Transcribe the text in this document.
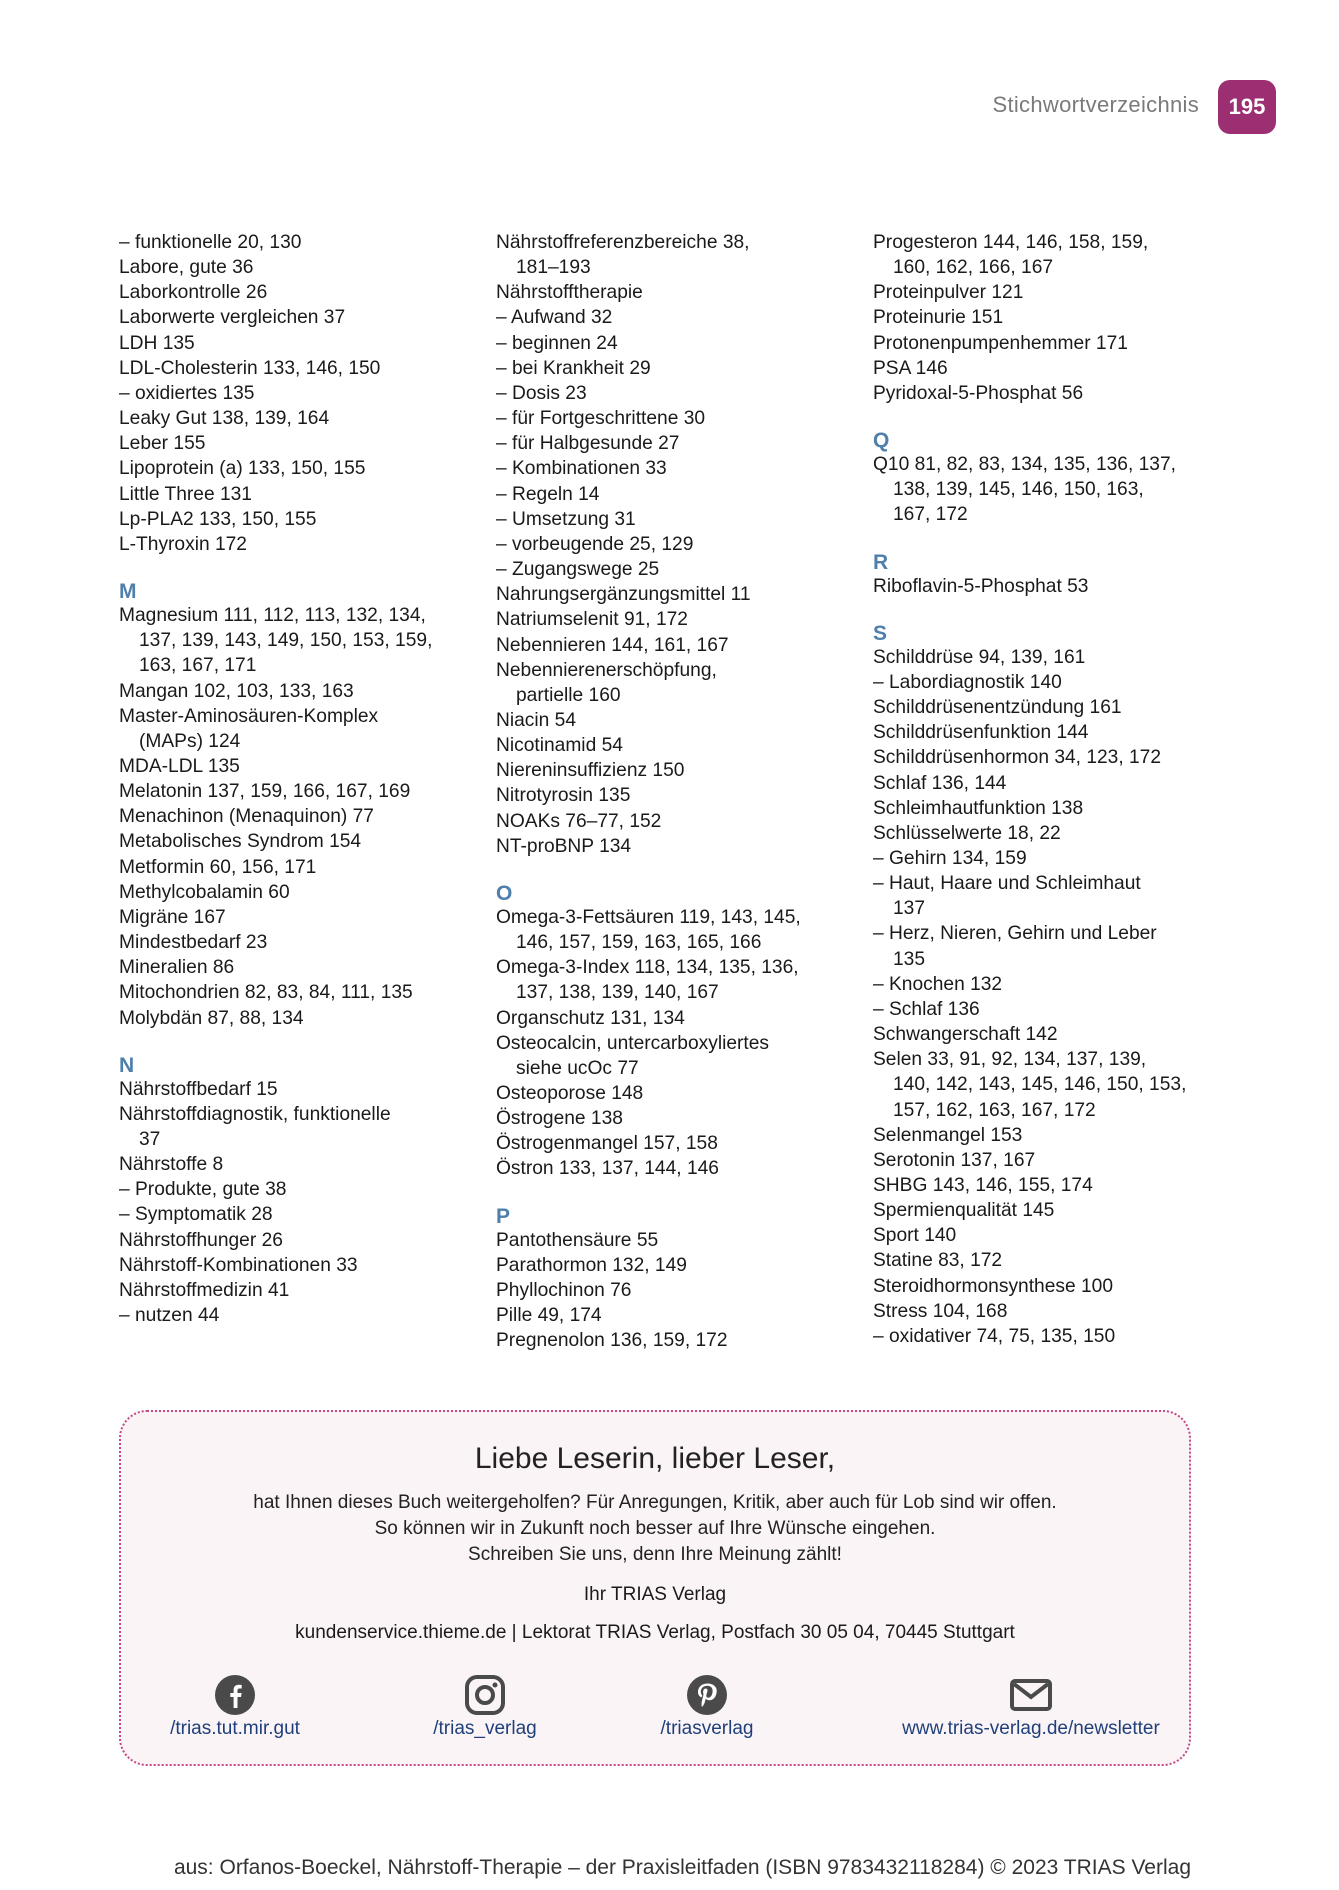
Stichwortverzeichnis	195
– funktionelle 20, 130
Labore, gute 36
Laborkontrolle 26
Laborwerte vergleichen 37
LDH 135
LDL-Cholesterin 133, 146, 150
– oxidiertes 135
Leaky Gut 138, 139, 164
Leber 155
Lipoprotein (a) 133, 150, 155
Little Three 131
Lp-PLA2 133, 150, 155
L-Thyroxin 172
M
Magnesium 111, 112, 113, 132, 134,
137, 139, 143, 149, 150, 153, 159,
163, 167, 171
Mangan 102, 103, 133, 163
Master-Aminosäuren-Komplex
(MAPs) 124
MDA-LDL 135
Melatonin 137, 159, 166, 167, 169
Menachinon (Menaquinon) 77
Metabolisches Syndrom 154
Metformin 60, 156, 171
Methylcobalamin 60
Migräne 167
Mindestbedarf 23
Mineralien 86
Mitochondrien 82, 83, 84, 111, 135
Molybdän 87, 88, 134
N
Nährstoffbedarf 15
Nährstoffdiagnostik, funktionelle
37
Nährstoffe 8
– Produkte, gute 38
– Symptomatik 28
Nährstoffhunger 26
Nährstoff-Kombinationen 33
Nährstoffmedizin 41
– nutzen 44
Nährstoffreferenzbereiche 38,
181–193
Nährstofftherapie
– Aufwand 32
– beginnen 24
– bei Krankheit 29
– Dosis 23
– für Fortgeschrittene 30
– für Halbgesunde 27
– Kombinationen 33
– Regeln 14
– Umsetzung 31
– vorbeugende 25, 129
– Zugangswege 25
Nahrungsergänzungsmittel 11
Natriumselenit 91, 172
Nebennieren 144, 161, 167
Nebennierenerschöpfung,
partielle 160
Niacin 54
Nicotinamid 54
Niereninsuffizienz 150
Nitrotyrosin 135
NOAKs 76–77, 152
NT-proBNP 134
O
Omega-3-Fettsäuren 119, 143, 145,
146, 157, 159, 163, 165, 166
Omega-3-Index 118, 134, 135, 136,
137, 138, 139, 140, 167
Organschutz 131, 134
Osteocalcin, untercarboxyliertes
siehe ucOc 77
Osteoporose 148
Östrogene 138
Östrogenmangel 157, 158
Östron 133, 137, 144, 146
P
Pantothensäure 55
Parathormon 132, 149
Phyllochinon 76
Pille 49, 174
Pregnenolon 136, 159, 172
Progesteron 144, 146, 158, 159,
160, 162, 166, 167
Proteinpulver 121
Proteinurie 151
Protonenpumpenhemmer 171
PSA 146
Pyridoxal-5-Phosphat 56
Q
Q10 81, 82, 83, 134, 135, 136, 137,
138, 139, 145, 146, 150, 163,
167, 172
R
Riboflavin-5-Phosphat 53
S
Schilddrüse 94, 139, 161
– Labordiagnostik 140
Schilddrüsenentzündung 161
Schilddrüsenfunktion 144
Schilddrüsenhormon 34, 123, 172
Schlaf 136, 144
Schleimhautfunktion 138
Schlüsselwerte 18, 22
– Gehirn 134, 159
– Haut, Haare und Schleimhaut
137
– Herz, Nieren, Gehirn und Leber
135
– Knochen 132
– Schlaf 136
Schwangerschaft 142
Selen 33, 91, 92, 134, 137, 139,
140, 142, 143, 145, 146, 150, 153,
157, 162, 163, 167, 172
Selenmangel 153
Serotonin 137, 167
SHBG 143, 146, 155, 174
Spermienqualität 145
Sport 140
Statine 83, 172
Steroidhormonsynthese 100
Stress 104, 168
– oxidativer 74, 75, 135, 150
Liebe Leserin, lieber Leser,
hat Ihnen dieses Buch weitergeholfen? Für Anregungen, Kritik, aber auch für Lob sind wir offen.
So können wir in Zukunft noch besser auf Ihre Wünsche eingehen.
Schreiben Sie uns, denn Ihre Meinung zählt!
Ihr TRIAS Verlag
kundenservice.thieme.de | Lektorat TRIAS Verlag, Postfach 30 05 04, 70445 Stuttgart
/trias.tut.mir.gut	/trias_verlag	/triasverlag	www.trias-verlag.de/newsletter
aus: Orfanos-Boeckel, Nährstoff-Therapie – der Praxisleitfaden (ISBN 9783432118284) © 2023 TRIAS Verlag
